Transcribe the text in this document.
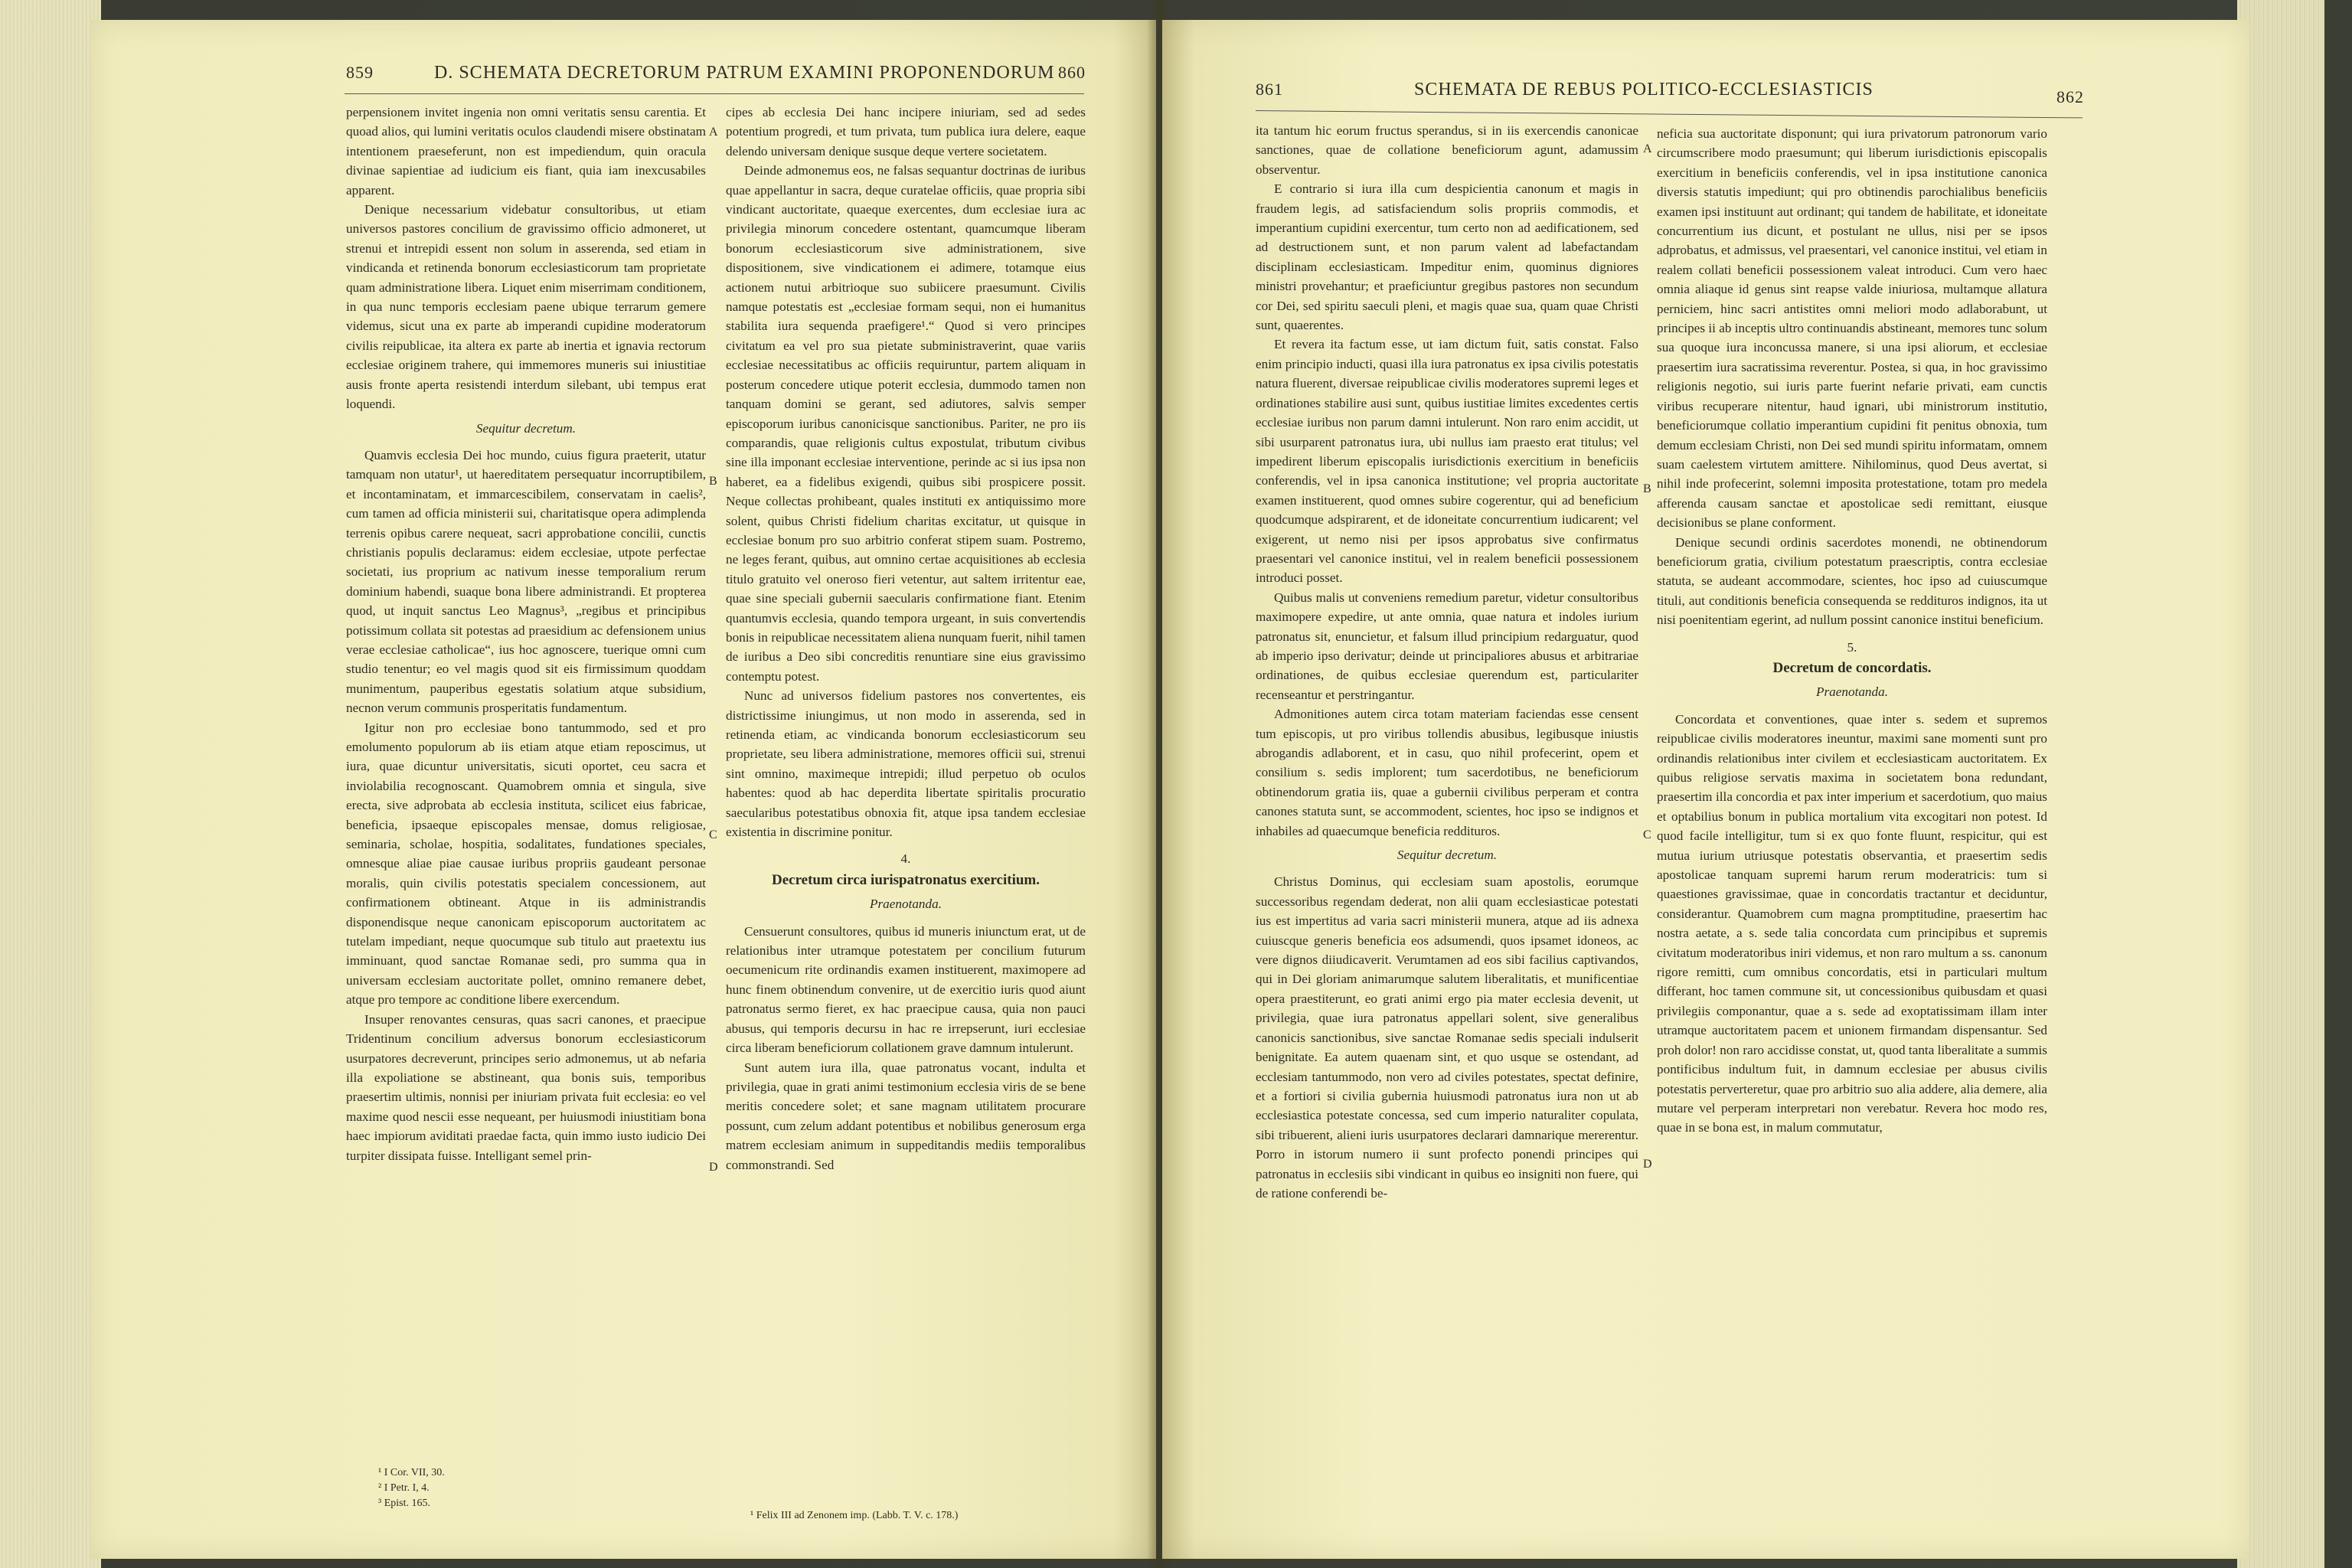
859	D. SCHEMATA DECRETORUM PATRUM EXAMINI PROPONENDORUM 860

perpensionem invitet ingenia non omni veritatis sensu carentia. Et quoad alios, qui lumini veritatis oculos claudendi misere obstinatam intentionem praeseferunt, non est impediendum, quin oracula divinae sapientiae ad iudicium eis fiant, quia iam inexcusabiles apparent.

Denique necessarium videbatur consultoribus, ut etiam universos pastores concilium de gravissimo officio admoneret, ut strenui et intrepidi essent non solum in asserenda, sed etiam in vindicanda et retinenda bonorum ecclesiasticorum tam proprietate quam administratione libera. Liquet enim miserrimam conditionem, in qua nunc temporis ecclesiam paene ubique terrarum gemere videmus, sicut una ex parte ab imperandi cupidine moderatorum civilis reipublicae, ita altera ex parte ab inertia et ignavia rectorum ecclesiae originem trahere, qui immemores muneris sui iniustitiae ausis fronte aperta resistendi interdum silebant, ubi tempus erat loquendi.

Sequitur decretum.

Quamvis ecclesia Dei hoc mundo, cuius figura praeterit, utatur tamquam non utatur¹, ut haereditatem persequatur incorruptibilem, et incontaminatam, et immarcescibilem, conservatam in caelis², cum tamen ad officia ministerii sui, charitatisque opera adimplenda terrenis opibus carere nequeat, sacri approbatione concilii, cunctis christianis populis declaramus: eidem ecclesiae, utpote perfectae societati, ius proprium ac nativum inesse temporalium rerum dominium habendi, suaque bona libere administrandi. Et propterea quod, ut inquit sanctus Leo Magnus³, „regibus et principibus potissimum collata sit potestas ad praesidium ac defensionem unius verae ecclesiae catholicae“, ius hoc agnoscere, tuerique omni cum studio tenentur; eo vel magis quod sit eis firmissimum quoddam munimentum, pauperibus egestatis solatium atque subsidium, necnon verum communis prosperitatis fundamentum.

Igitur non pro ecclesiae bono tantummodo, sed et pro emolumento populorum ab iis etiam atque etiam reposcimus, ut iura, quae dicuntur universitatis, sicuti oportet, ceu sacra et inviolabilia recognoscant. Quamobrem omnia et singula, sive erecta, sive adprobata ab ecclesia instituta, scilicet eius fabricae, beneficia, ipsaeque episcopales mensae, domus religiosae, seminaria, scholae, hospitia, sodalitates, fundationes speciales, omnesque aliae piae causae iuribus propriis gaudeant personae moralis, quin civilis potestatis specialem concessionem, aut confirmationem obtineant. Atque in iis administrandis disponendisque neque canonicam episcoporum auctoritatem ac tutelam impediant, neque quocumque sub titulo aut praetextu ius imminuant, quod sanctae Romanae sedi, pro summa qua in universam ecclesiam auctoritate pollet, omnino remanere debet, atque pro tempore ac conditione libere exercendum.

Insuper renovantes censuras, quas sacri canones, et praecipue Tridentinum concilium adversus bonorum ecclesiasticorum usurpatores decreverunt, principes serio admonemus, ut ab nefaria illa expoliatione se abstineant, qua bonis suis, temporibus praesertim ultimis, nonnisi per iniuriam privata fuit ecclesia: eo vel maxime quod nescii esse nequeant, per huiusmodi iniustitiam bona haec impiorum aviditati praedae facta, quin immo iusto iudicio Dei turpiter dissipata fuisse. Intelligant semel prin-

¹ I Cor. VII, 30.
² I Petr. I, 4.
³ Epist. 165.
A
B
C
D

cipes ab ecclesia Dei hanc incipere iniuriam, sed ad sedes potentium progredi, et tum privata, tum publica iura delere, eaque delendo universam denique susque deque vertere societatem.

Deinde admonemus eos, ne falsas sequantur doctrinas de iuribus quae appellantur in sacra, deque curatelae officiis, quae propria sibi vindicant auctoritate, quaeque exercentes, dum ecclesiae iura ac privilegia minorum concedere ostentant, quamcumque liberam bonorum ecclesiasticorum sive administrationem, sive dispositionem, sive vindicationem ei adimere, totamque eius actionem nutui arbitrioque suo subiicere praesumunt. Civilis namque potestatis est „ecclesiae formam sequi, non ei humanitus stabilita iura sequenda praefigere¹.“ Quod si vero principes civitatum ea vel pro sua pietate subministraverint, quae variis ecclesiae necessitatibus ac officiis requiruntur, partem aliquam in posterum concedere utique poterit ecclesia, dummodo tamen non tanquam domini se gerant, sed adiutores, salvis semper episcoporum iuribus canonicisque sanctionibus. Pariter, ne pro iis comparandis, quae religionis cultus expostulat, tributum civibus sine illa imponant ecclesiae interventione, perinde ac si ius ipsa non haberet, ea a fidelibus exigendi, quibus sibi prospicere possit. Neque collectas prohibeant, quales instituti ex antiquissimo more solent, quibus Christi fidelium charitas excitatur, ut quisque in ecclesiae bonum pro suo arbitrio conferat stipem suam. Postremo, ne leges ferant, quibus, aut omnino certae acquisitiones ab ecclesia titulo gratuito vel oneroso fieri vetentur, aut saltem irritentur eae, quae sine speciali gubernii saecularis confirmatione fiant. Etenim quantumvis ecclesia, quando tempora urgeant, in suis convertendis bonis in reipublicae necessitatem aliena nunquam fuerit, nihil tamen de iuribus a Deo sibi concreditis renuntiare sine eius gravissimo contemptu potest.

Nunc ad universos fidelium pastores nos convertentes, eis districtissime iniungimus, ut non modo in asserenda, sed in retinenda etiam, ac vindicanda bonorum ecclesiasticorum seu proprietate, seu libera administratione, memores officii sui, strenui sint omnino, maximeque intrepidi; illud perpetuo ob oculos habentes: quod ab hac deperdita libertate spiritalis procuratio saecularibus potestatibus obnoxia fit, atque ipsa tandem ecclesiae existentia in discrimine ponitur.

4.

Decretum circa iurispatronatus exercitium.

Praenotanda.

Censuerunt consultores, quibus id muneris iniunctum erat, ut de relationibus inter utramque potestatem per concilium futurum oecumenicum rite ordinandis examen instituerent, maximopere ad hunc finem obtinendum convenire, ut de exercitio iuris quod aiunt patronatus sermo fieret, ex hac praecipue causa, quia non pauci abusus, qui temporis decursu in hac re irrepserunt, iuri ecclesiae circa liberam beneficiorum collationem grave damnum intulerunt.

Sunt autem iura illa, quae patronatus vocant, indulta et privilegia, quae in grati animi testimonium ecclesia viris de se bene meritis concedere solet; et sane magnam utilitatem procurare possunt, cum zelum addant potentibus et nobilibus generosum erga matrem ecclesiam animum in suppeditandis mediis temporalibus commonstrandi. Sed

¹ Felix III ad Zenonem imp. (Labb. T. V. c. 178.)
861	SCHEMATA DE REBUS POLITICO-ECCLESIASTICIS	862

ita tantum hic eorum fructus sperandus, si in iis exercendis canonicae sanctiones, quae de collatione beneficiorum agunt, adamussim observentur.

E contrario si iura illa cum despicientia canonum et magis in fraudem legis, ad satisfaciendum solis propriis commodis, et imperantium cupidini exercentur, tum certo non ad aedificationem, sed ad destructionem sunt, et non parum valent ad labefactandam disciplinam ecclesiasticam. Impeditur enim, quominus digniores ministri provehantur; et praeficiuntur gregibus pastores non secundum cor Dei, sed spiritu saeculi pleni, et magis quae sua, quam quae Christi sunt, quaerentes.

Et revera ita factum esse, ut iam dictum fuit, satis constat. Falso enim principio inducti, quasi illa iura patronatus ex ipsa civilis potestatis natura fluerent, diversae reipublicae civilis moderatores supremi leges et ordinationes stabilire ausi sunt, quibus iustitiae limites excedentes certis ecclesiae iuribus non parum damni intulerunt. Non raro enim accidit, ut sibi usurparent patronatus iura, ubi nullus iam praesto erat titulus; vel impedirent liberum episcopalis iurisdictionis exercitium in beneficiis conferendis, vel in ipsa canonica institutione; vel propria auctoritate examen instituerent, quod omnes subire cogerentur, qui ad beneficium quodcumque adspirarent, et de idoneitate concurrentium iudicarent; vel exigerent, ut nemo nisi per ipsos approbatus sive confirmatus praesentari vel canonice institui, vel in realem beneficii possessionem introduci posset.

Quibus malis ut conveniens remedium paretur, videtur consultoribus maximopere expedire, ut ante omnia, quae natura et indoles iurium patronatus sit, enuncietur, et falsum illud principium redarguatur, quod ab imperio ipso derivatur; deinde ut principaliores abusus et arbitrariae ordinationes, de quibus ecclesiae querendum est, particulariter recenseantur et perstringantur.

Admonitiones autem circa totam materiam faciendas esse censent tum episcopis, ut pro viribus tollendis abusibus, legibusque iniustis abrogandis adlaborent, et in casu, quo nihil profecerint, opem et consilium s. sedis implorent; tum sacerdotibus, ne beneficiorum obtinendorum gratia iis, quae a gubernii civilibus perperam et contra canones statuta sunt, se accommodent, scientes, hoc ipso se indignos et inhabiles ad quaecumque beneficia reddituros.

Sequitur decretum.

Christus Dominus, qui ecclesiam suam apostolis, eorumque successoribus regendam dederat, non alii quam ecclesiasticae potestati ius est impertitus ad varia sacri ministerii munera, atque ad iis adnexa cuiuscque generis beneficia eos adsumendi, quos ipsamet idoneos, ac vere dignos diiudicaverit. Verumtamen ad eos sibi facilius captivandos, qui in Dei gloriam animarumque salutem liberalitatis, et munificentiae opera praestiterunt, eo grati animi ergo pia mater ecclesia devenit, ut privilegia, quae iura patronatus appellari solent, sive generalibus canonicis sanctionibus, sive sanctae Romanae sedis speciali indulserit benignitate. Ea autem quaenam sint, et quo usque se ostendant, ad ecclesiam tantummodo, non vero ad civiles potestates, spectat definire, et a fortiori si civilia gubernia huiusmodi patronatus iura non ut ab ecclesiastica potestate concessa, sed cum imperio naturaliter copulata, sibi tribuerent, alieni iuris usurpatores declarari damnarique mererentur. Porro in istorum numero ii sunt profecto ponendi principes qui patronatus in ecclesiis sibi vindicant in quibus eo insigniti non fuere, qui de ratione conferendi be-

A
B
C
D

neficia sua auctoritate disponunt; qui iura privatorum patronorum vario circumscribere modo praesumunt; qui liberum iurisdictionis episcopalis exercitium in beneficiis conferendis, vel in ipsa institutione canonica diversis statutis impediunt; qui pro obtinendis parochialibus beneficiis examen ipsi instituunt aut ordinant; qui tandem de habilitate, et idoneitate concurrentium ius dicunt, et postulant ne ullus, nisi per se ipsos adprobatus, et admissus, vel praesentari, vel canonice institui, vel etiam in realem collati beneficii possessionem valeat introduci. Cum vero haec omnia aliaque id genus sint reapse valde iniuriosa, multamque allatura perniciem, hinc sacri antistites omni meliori modo adlaborabunt, ut principes ii ab inceptis ultro continuandis abstineant, memores tunc solum sua quoque iura inconcussa manere, si una ipsi aliorum, et ecclesiae praesertim iura sacratissima reverentur. Postea, si qua, in hoc gravissimo religionis negotio, sui iuris parte fuerint nefarie privati, eam cunctis viribus recuperare nitentur, haud ignari, ubi ministrorum institutio, beneficiorumque collatio imperantium cupidini fit penitus obnoxia, tum demum ecclesiam Christi, non Dei sed mundi spiritu informatam, omnem suam caelestem virtutem amittere. Nihilominus, quod Deus avertat, si nihil inde profecerint, solemni imposita protestatione, totam pro medela afferenda causam sanctae et apostolicae sedi remittant, eiusque decisionibus se plane conforment.

Denique secundi ordinis sacerdotes monendi, ne obtinendorum beneficiorum gratia, civilium potestatum praescriptis, contra ecclesiae statuta, se audeant accommodare, scientes, hoc ipso ad cuiuscumque tituli, aut conditionis beneficia consequenda se reddituros indignos, ita ut nisi poenitentiam egerint, ad nullum possint canonice institui beneficium.

5.

Decretum de concordatis.

Praenotanda.

Concordata et conventiones, quae inter s. sedem et supremos reipublicae civilis moderatores ineuntur, maximi sane momenti sunt pro ordinandis relationibus inter civilem et ecclesiasticam auctoritatem. Ex quibus religiose servatis maxima in societatem bona redundant, praesertim illa concordia et pax inter imperium et sacerdotium, quo maius et optabilius bonum in publica mortalium vita excogitari non potest. Id quod facile intelligitur, tum si ex quo fonte fluunt, respicitur, qui est mutua iurium utriusque potestatis observantia, et praesertim sedis apostolicae tanquam supremi harum rerum moderatricis: tum si quaestiones gravissimae, quae in concordatis tractantur et deciduntur, considerantur. Quamobrem cum magna promptitudine, praesertim hac nostra aetate, a s. sede talia concordata cum principibus et supremis civitatum moderatoribus iniri videmus, et non raro multum a ss. canonum rigore remitti, cum omnibus concordatis, etsi in particulari multum differant, hoc tamen commune sit, ut concessionibus quibusdam et quasi privilegiis componantur, quae a s. sede ad exoptatissimam illam inter utramque auctoritatem pacem et unionem firmandam dispensantur. Sed proh dolor! non raro accidisse constat, ut, quod tanta liberalitate a summis pontificibus indultum fuit, in damnum ecclesiae per abusus civilis potestatis perverteretur, quae pro arbitrio suo alia addere, alia demere, alia mutare vel perperam interpretari non verebatur. Revera hoc modo res, quae in se bona est, in malum commutatur,
